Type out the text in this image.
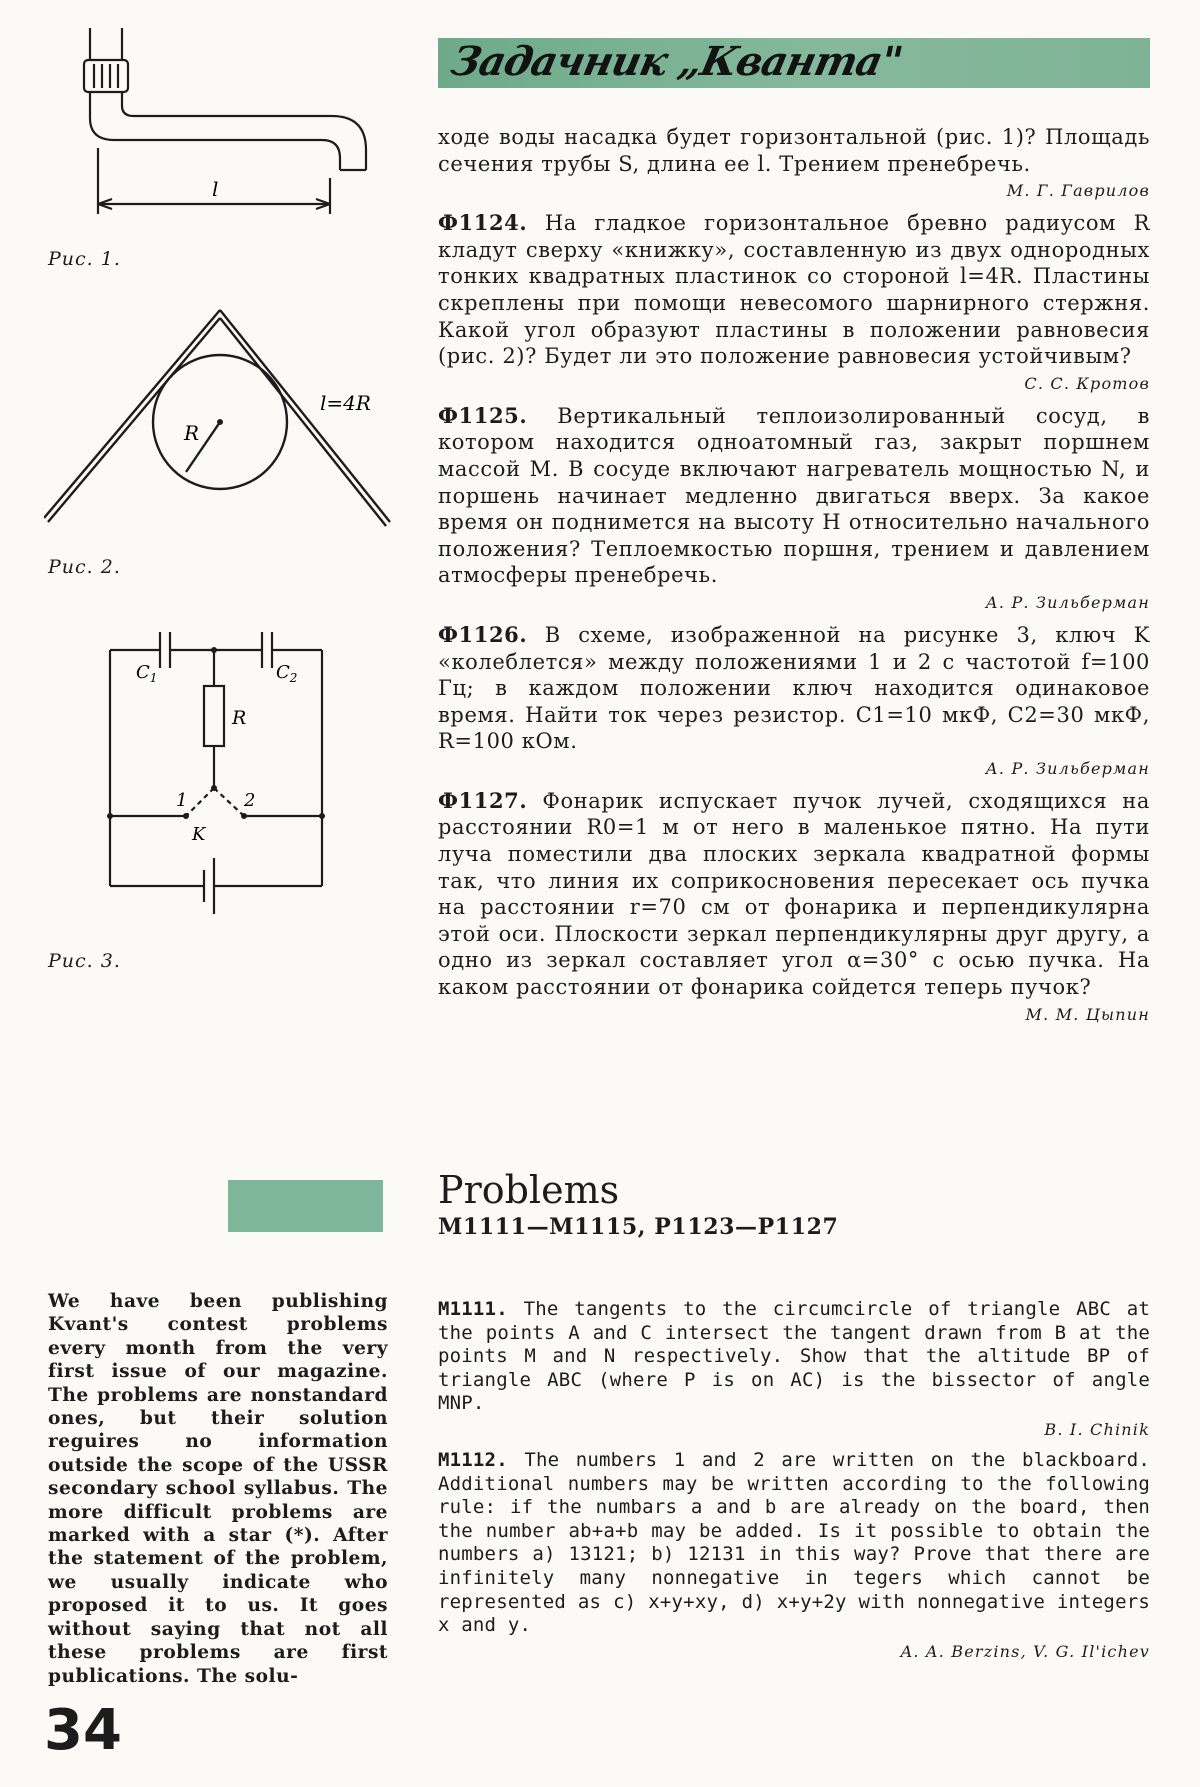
l
Рис. 1.
R
l=4R
Рис. 2.
$C_1$	$C_2$
R
1	2
K
Рис. 3.
Задачник „Кванта"

ходе воды насадка будет горизонтальной (рис. 1)? Площадь сечения трубы S, длина ее l. Трением пренебречь.

М. Г. Гаврилов

Ф1124. На гладкое горизонтальное бревно радиусом R кладут сверху «книжку», составленную из двух однородных тонких квадратных пластинок со стороной l=4R. Пластины скреплены при помощи невесомого шарнирного стержня. Какой угол образуют пластины в положении равновесия (рис. 2)? Будет ли это положение равновесия устойчивым?

С. С. Кротов

Ф1125. Вертикальный теплоизолированный сосуд, в котором находится одноатомный газ, закрыт поршнем массой M. В сосуде включают нагреватель мощностью N, и поршень начинает медленно двигаться вверх. За какое время он поднимется на высоту H относительно начального положения? Теплоемкостью поршня, трением и давлением атмосферы пренебречь.

А. Р. Зильберман

Ф1126. В схеме, изображенной на рисунке 3, ключ K «колеблется» между положениями 1 и 2 с частотой f=100 Гц; в каждом положении ключ находится одинаковое время. Найти ток через резистор. C1=10 мкФ, C2=30 мкФ, R=100 кОм.

А. Р. Зильберман

Ф1127. Фонарик испускает пучок лучей, сходящихся на расстоянии R0=1 м от него в маленькое пятно. На пути луча поместили два плоских зеркала квадратной формы так, что линия их соприкосновения пересекает ось пучка на расстоянии r=70 см от фонарика и перпендикулярна этой оси. Плоскости зеркал перпендикулярны друг другу, а одно из зеркал составляет угол α=30° с осью пучка. На каком расстоянии от фонарика сойдется теперь пучок?

М. М. Цыпин
Problems
M1111—M1115, P1123—P1127
We have been publishing Kvant's contest problems every month from the very first issue of our magazine. The problems are nonstandard ones, but their solution reguires no information outside the scope of the USSR secondary school syllabus. The more difficult problems are marked with a star (*). After the statement of the problem, we usually indicate who proposed it to us. It goes without saying that not all these problems are first publications. The solu-

M1111. The tangents to the circumcircle of triangle ABC at the points A and C intersect the tangent drawn from B at the points M and N respectively. Show that the altitude BP of triangle ABC (where P is on AC) is the bissector of angle MNP.

B. I. Chinik

M1112. The numbers 1 and 2 are written on the blackboard. Additional numbers may be written according to the following rule: if the numbars a and b are already on the board, then the number ab+a+b may be added. Is it possible to obtain the numbers a) 13121; b) 12131 in this way? Prove that there are infinitely many nonnegative in tegers which cannot be represented as c) x+y+xy, d) x+y+2y with nonnegative integers x and y.

A. A. Berzins, V. G. Il'ichev
34
